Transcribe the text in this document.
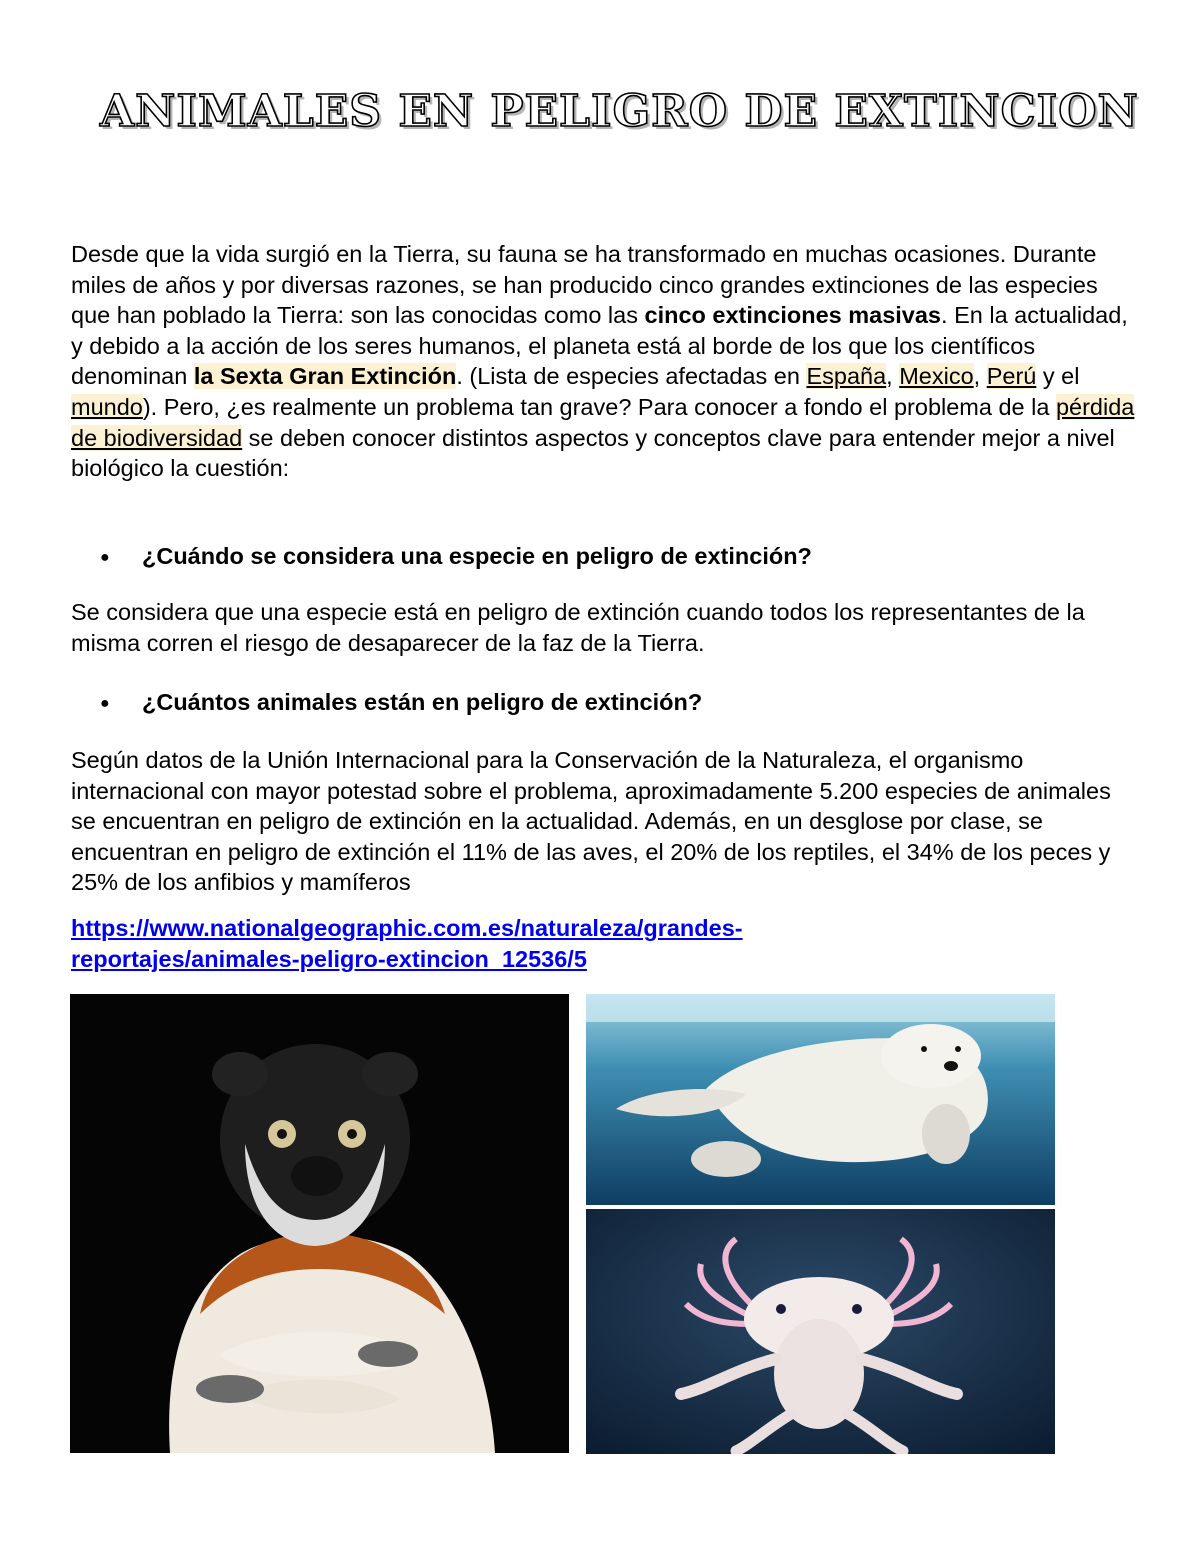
ANIMALES EN PELIGRO DE EXTINCION

Desde que la vida surgió en la Tierra, su fauna se ha transformado en muchas ocasiones. Durante miles de años y por diversas razones, se han producido cinco grandes extinciones de las especies que han poblado la Tierra: son las conocidas como las cinco extinciones masivas. En la actualidad, y debido a la acción de los seres humanos, el planeta está al borde de los que los científicos denominan la Sexta Gran Extinción. (Lista de especies afectadas en España, Mexico, Perú y el mundo). Pero, ¿es realmente un problema tan grave? Para conocer a fondo el problema de la pérdida de biodiversidad se deben conocer distintos aspectos y conceptos clave para entender mejor a nivel biológico la cuestión:

● ¿Cuándo se considera una especie en peligro de extinción?

Se considera que una especie está en peligro de extinción cuando todos los representantes de la misma corren el riesgo de desaparecer de la faz de la Tierra.

● ¿Cuántos animales están en peligro de extinción?

Según datos de la Unión Internacional para la Conservación de la Naturaleza, el organismo internacional con mayor potestad sobre el problema, aproximadamente 5.200 especies de animales se encuentran en peligro de extinción en la actualidad. Además, en un desglose por clase, se encuentran en peligro de extinción el 11% de las aves, el 20% de los reptiles, el 34% de los peces y 25% de los anfibios y mamíferos

https://www.nationalgeographic.com.es/naturaleza/grandes-
reportajes/animales-peligro-extincion_12536/5
